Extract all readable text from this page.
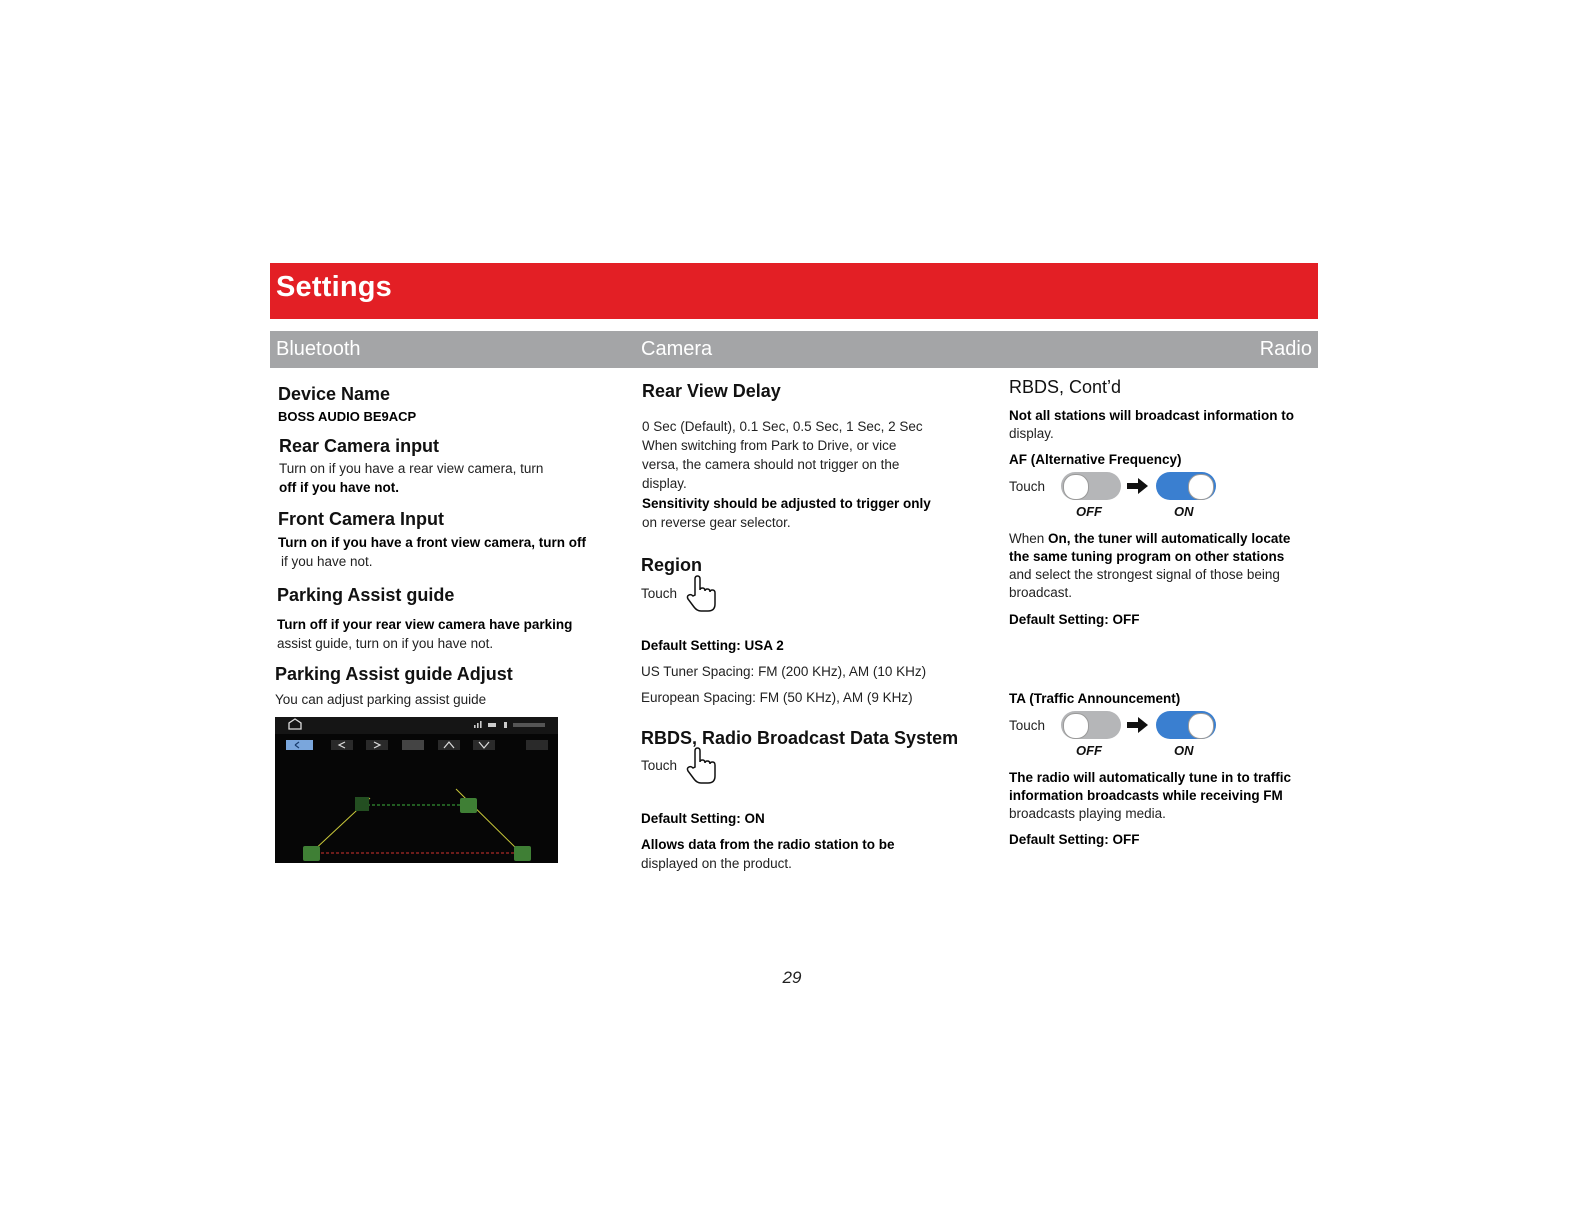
Settings
Bluetooth	Camera	Radio
Device Name
BOSS AUDIO BE9ACP
Rear Camera input
Turn on if you have a rear view camera, turn
off if you have not.
Front Camera Input
Turn on if you have a front view camera, turn off
if you have not.
Parking Assist guide
Turn off if your rear view camera have parking
assist guide, turn on if you have not.
Parking Assist guide Adjust
You can adjust parking assist guide
Rear View Delay
0 Sec (Default), 0.1 Sec, 0.5 Sec, 1 Sec, 2 Sec
When switching from Park to Drive, or vice
versa, the camera should not trigger on the
display.
Sensitivity should be adjusted to trigger only
on reverse gear selector.
Region
Touch
Default Setting: USA 2
US Tuner Spacing: FM (200 KHz), AM (10 KHz)
European Spacing: FM (50 KHz), AM (9 KHz)
RBDS, Radio Broadcast Data System
Touch
Default Setting: ON
Allows data from the radio station to be
displayed on the product.
RBDS, Cont’d
Not all stations will broadcast information to
display.
AF (Alternative Frequency)
Touch
OFF	ON
When On, the tuner will automatically locate
the same tuning program on other stations
and select the strongest signal of those being
broadcast.
Default Setting: OFF
TA (Traffic Announcement)
Touch
OFF	ON
The radio will automatically tune in to traffic
information broadcasts while receiving FM
broadcasts playing media.
Default Setting: OFF
29
